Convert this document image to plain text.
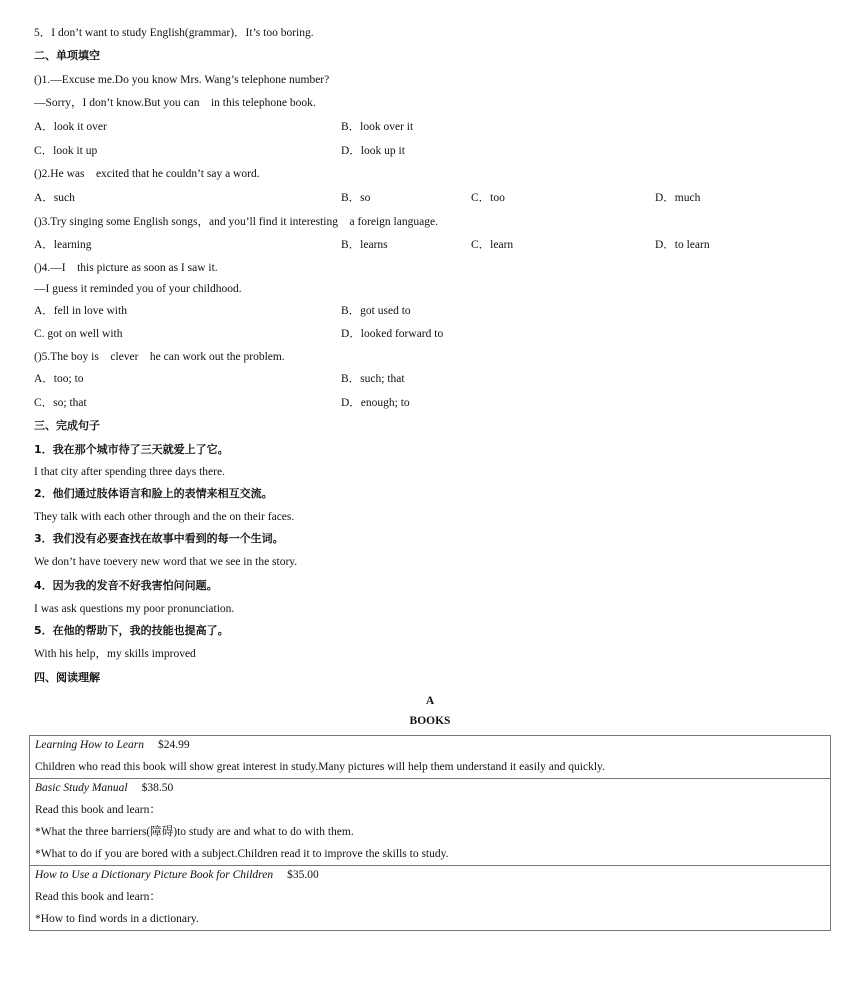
5．I don’t want to study English(grammar)．It’s too boring.
二、单项填空
()1.—Excuse me.Do you know Mrs. Wang’s telephone number?
—Sorry，I don’t know.But you can    in this telephone book.
A．look it over	B．look over it
C．look it up	D．look up it
()2.He was    excited that he couldn’t say a word.
A．such	B．so	C．too	D．much
()3.Try singing some English songs，and you’ll find it interesting    a foreign language.
A．learning	B．learns	C．learn	D．to learn
()4.—I    this picture as soon as I saw it.
—I guess it reminded you of your childhood.
A．fell in love with	B．got used to
C. got on well with	D．looked forward to
()5.The boy is    clever    he can work out the problem.
A．too; to	B．such; that
C．so; that	D．enough; to
三、完成句子
1．我在那个城市待了三天就爱上了它。
I that city after spending three days there.
2．他们通过肢体语言和脸上的表情来相互交流。
They talk with each other through and the on their faces.
3．我们没有必要查找在故事中看到的每一个生词。
We don’t have toevery new word that we see in the story.
4．因为我的发音不好我害怕问问题。
I was ask questions my poor pronunciation.
5．在他的帮助下，我的技能也提高了。
With his help，my skills improved
四、阅读理解
A
BOOKS
Learning How to Learn $24.99
Children who read this book will show great interest in study.Many pictures will help them understand it easily and quickly.

Basic Study Manual $38.50
Read this book and learn：
*What the three barriers(障碍)to study are and what to do with them.
*What to do if you are bored with a subject.Children read it to improve the skills to study.

How to Use a Dictionary Picture Book for Children $35.00
Read this book and learn：
*How to find words in a dictionary.
